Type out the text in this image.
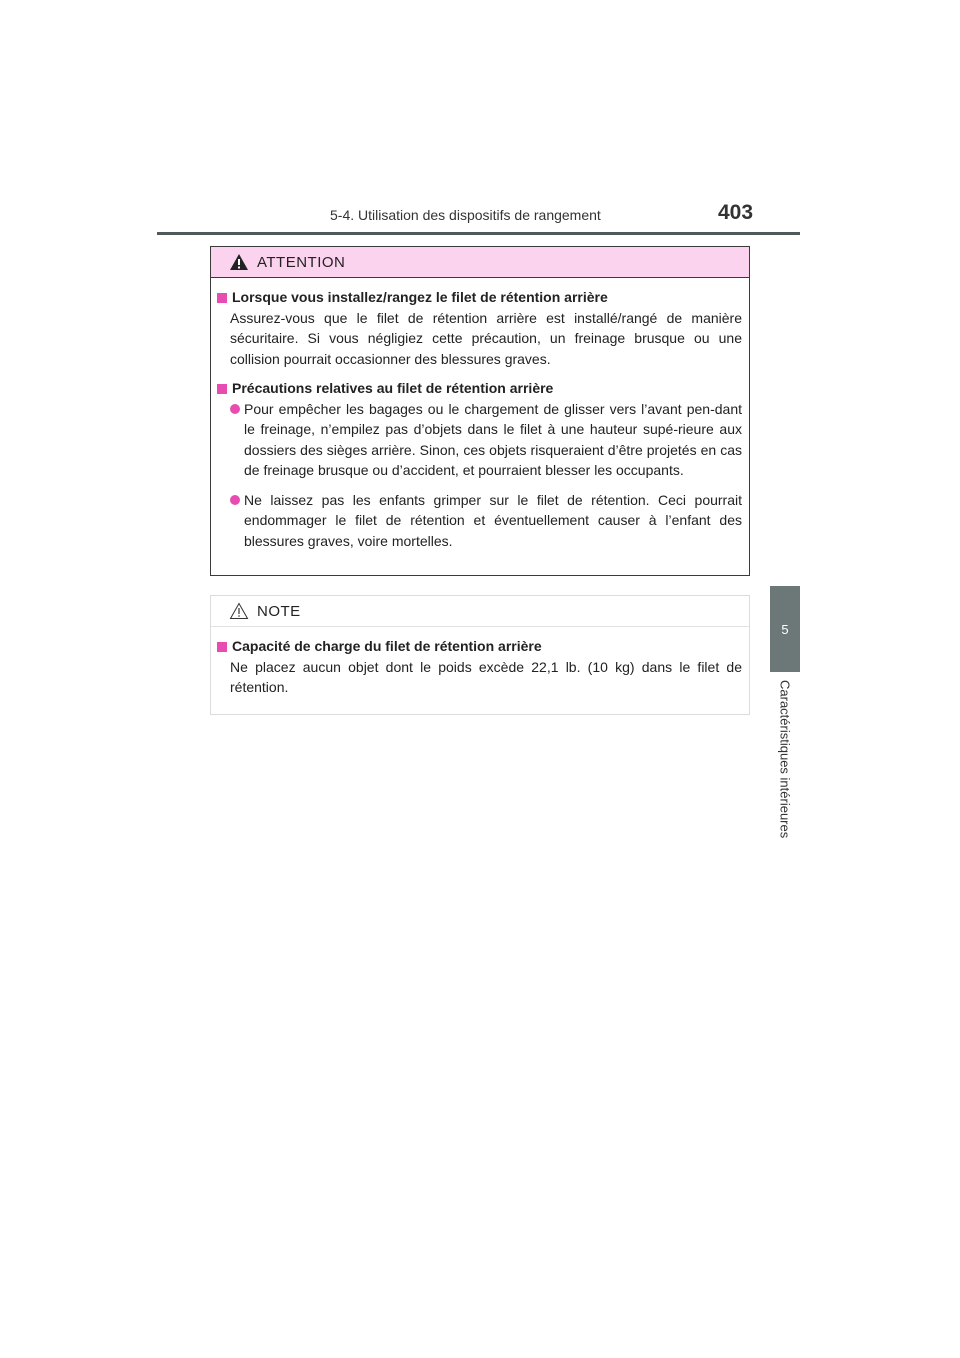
5-4. Utilisation des dispositifs de rangement	403
5
Caractéristiques intérieures
ATTENTION
Lorsque vous installez/rangez le filet de rétention arrière
Assurez-vous que le filet de rétention arrière est installé/rangé de manière sécuritaire. Si vous négligiez cette précaution, un freinage brusque ou une collision pourrait occasionner des blessures graves.
Précautions relatives au filet de rétention arrière
Pour empêcher les bagages ou le chargement de glisser vers l’avant pen-dant le freinage, n’empilez pas d’objets dans le filet à une hauteur supé-rieure aux dossiers des sièges arrière. Sinon, ces objets risqueraient d’être projetés en cas de freinage brusque ou d’accident, et pourraient blesser les occupants.
Ne laissez pas les enfants grimper sur le filet de rétention. Ceci pourrait endommager le filet de rétention et éventuellement causer à l’enfant des blessures graves, voire mortelles.
NOTE
Capacité de charge du filet de rétention arrière
Ne placez aucun objet dont le poids excède 22,1 lb. (10 kg) dans le filet de rétention.
